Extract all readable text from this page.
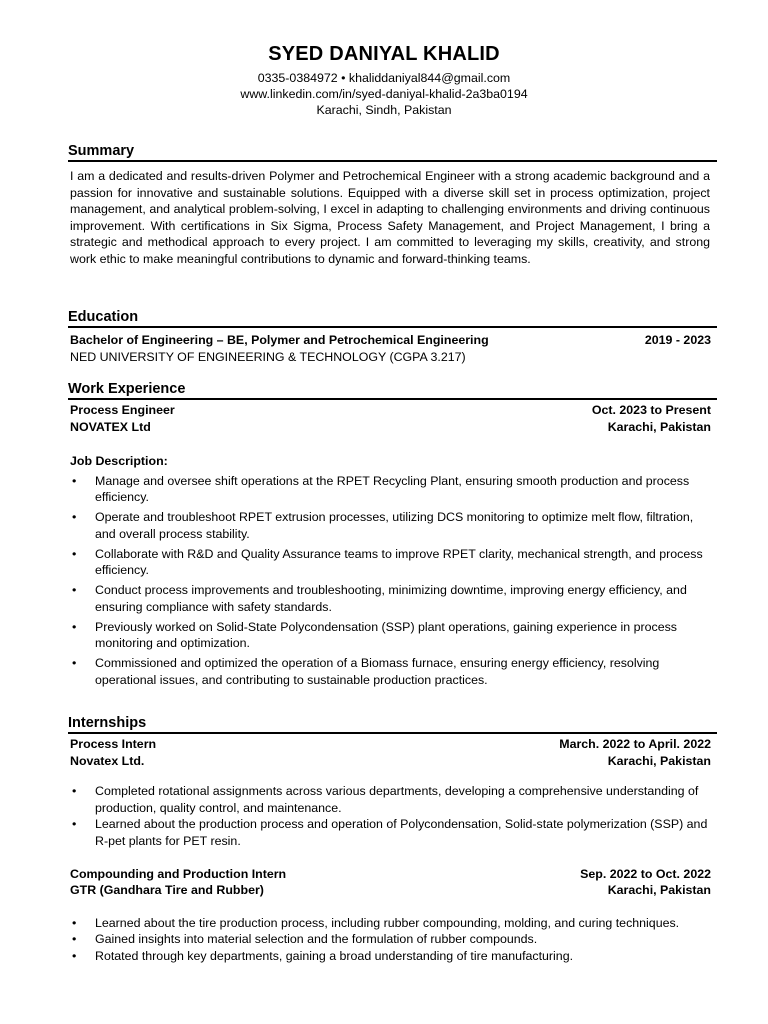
SYED DANIYAL KHALID
0335-0384972 • khaliddaniyal844@gmail.com
www.linkedin.com/in/syed-daniyal-khalid-2a3ba0194
Karachi, Sindh, Pakistan
Summary
I am a dedicated and results-driven Polymer and Petrochemical Engineer with a strong academic background and a passion for innovative and sustainable solutions. Equipped with a diverse skill set in process optimization, project management, and analytical problem-solving, I excel in adapting to challenging environments and driving continuous improvement. With certifications in Six Sigma, Process Safety Management, and Project Management, I bring a strategic and methodical approach to every project. I am committed to leveraging my skills, creativity, and strong work ethic to make meaningful contributions to dynamic and forward-thinking teams.
Education
Bachelor of Engineering – BE, Polymer and Petrochemical Engineering	2019 - 2023
NED UNIVERSITY OF ENGINEERING & TECHNOLOGY (CGPA 3.217)
Work Experience
Process Engineer	Oct. 2023 to Present
NOVATEX Ltd	Karachi, Pakistan
Job Description:
• Manage and oversee shift operations at the RPET Recycling Plant, ensuring smooth production and process efficiency.
• Operate and troubleshoot RPET extrusion processes, utilizing DCS monitoring to optimize melt flow, filtration, and overall process stability.
• Collaborate with R&D and Quality Assurance teams to improve RPET clarity, mechanical strength, and process efficiency.
• Conduct process improvements and troubleshooting, minimizing downtime, improving energy efficiency, and ensuring compliance with safety standards.
• Previously worked on Solid-State Polycondensation (SSP) plant operations, gaining experience in process monitoring and optimization.
• Commissioned and optimized the operation of a Biomass furnace, ensuring energy efficiency, resolving operational issues, and contributing to sustainable production practices.
Internships
Process Intern	March. 2022 to April. 2022
Novatex Ltd.	Karachi, Pakistan
• Completed rotational assignments across various departments, developing a comprehensive understanding of production, quality control, and maintenance.
• Learned about the production process and operation of Polycondensation, Solid-state polymerization (SSP) and R-pet plants for PET resin.
Compounding and Production Intern	Sep. 2022 to Oct. 2022
GTR (Gandhara Tire and Rubber)	Karachi, Pakistan
• Learned about the tire production process, including rubber compounding, molding, and curing techniques.
• Gained insights into material selection and the formulation of rubber compounds.
• Rotated through key departments, gaining a broad understanding of tire manufacturing.
